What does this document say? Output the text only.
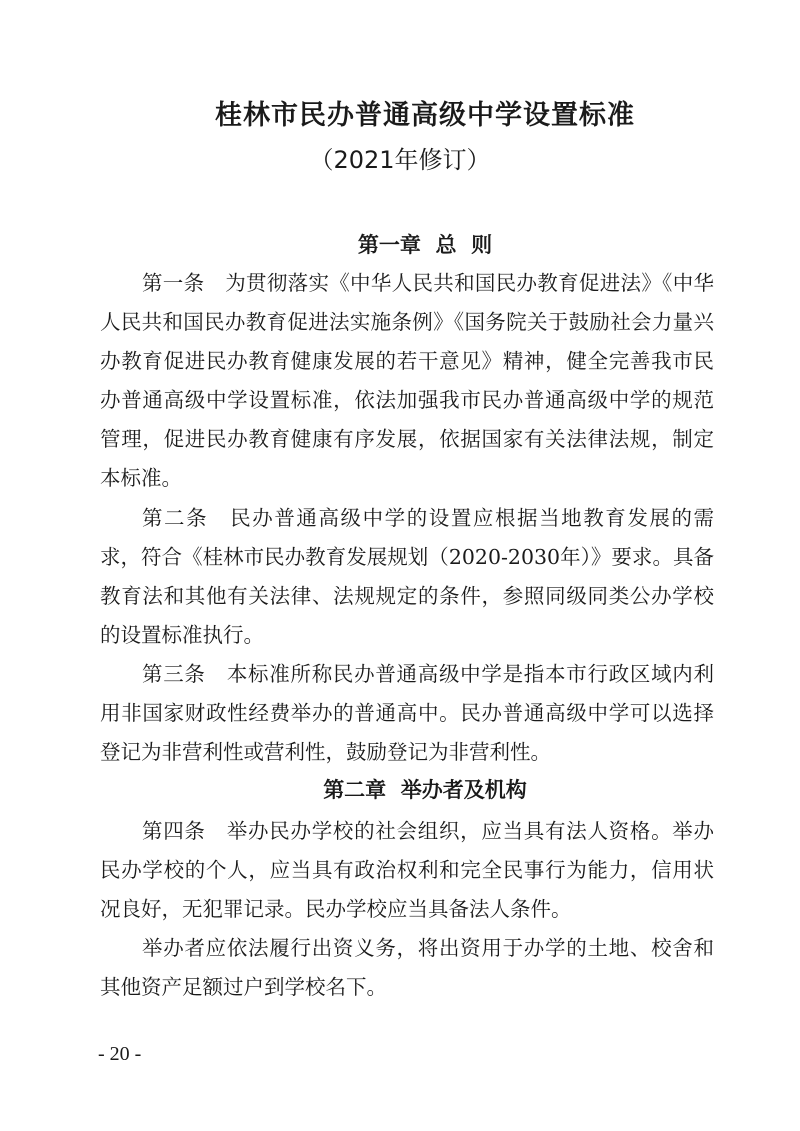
桂林市民办普通高级中学设置标准
（2021年修订）
第一章  总  则

第一条　为贯彻落实《中华人民共和国民办教育促进法》《中华人民共和国民办教育促进法实施条例》《国务院关于鼓励社会力量兴办教育促进民办教育健康发展的若干意见》精神，健全完善我市民办普通高级中学设置标准，依法加强我市民办普通高级中学的规范管理，促进民办教育健康有序发展，依据国家有关法律法规，制定本标准。

第二条　民办普通高级中学的设置应根据当地教育发展的需求，符合《桂林市民办教育发展规划（2020-2030年）》要求。具备教育法和其他有关法律、法规规定的条件，参照同级同类公办学校的设置标准执行。

第三条　本标准所称民办普通高级中学是指本市行政区域内利用非国家财政性经费举办的普通高中。民办普通高级中学可以选择登记为非营利性或营利性，鼓励登记为非营利性。

第二章  举办者及机构

第四条　举办民办学校的社会组织，应当具有法人资格。举办民办学校的个人，应当具有政治权利和完全民事行为能力，信用状况良好，无犯罪记录。民办学校应当具备法人条件。

举办者应依法履行出资义务，将出资用于办学的土地、校舍和其他资产足额过户到学校名下。

- 20 -
